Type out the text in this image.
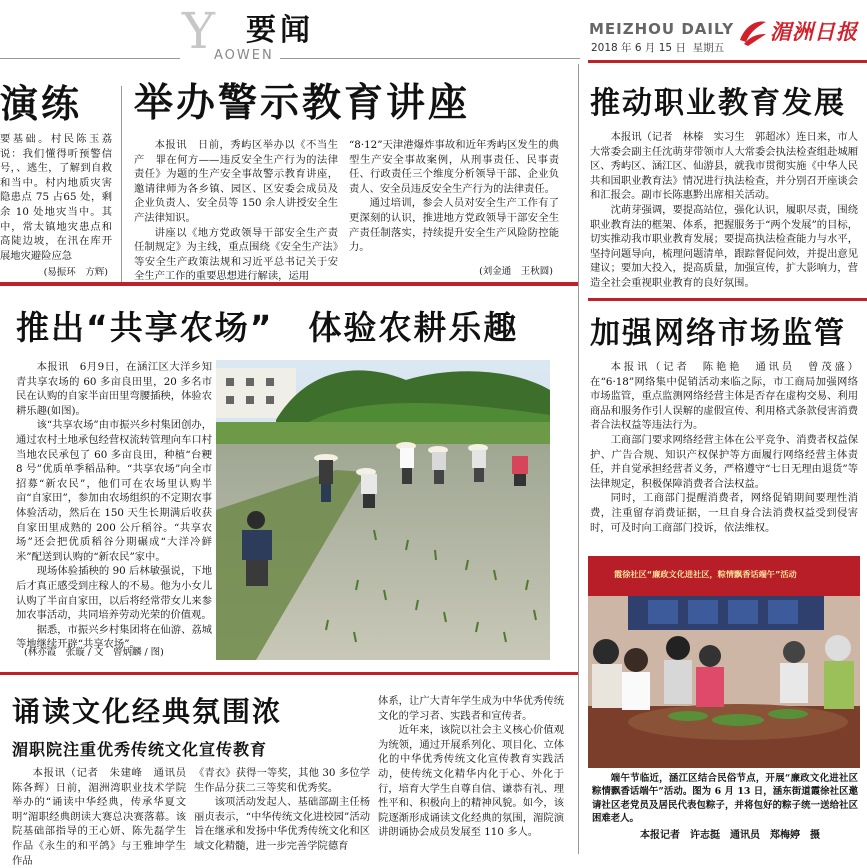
Y 要闻
AOWEN
MEIZHOU DAILY
2018 年 6 月 15 日 星期五
湄洲日报
演练
要基础。村民陈玉荔说：我们懂得听预警信号，、逃生，了解到自救和当中。村内地质灾害隐患点 75 占65 处，剩余 10 处地灾当中。其中，常太镇地灾患点和高陡边坡，在汛在库开展地灾避险应急
(易振环　方辉)
举办警示教育讲座

本报讯　日前，秀屿区举办以《不当生产　罪在何方——违反安全生产行为的法律责任》为题的生产安全事故警示教育讲座，邀请律师为各乡镇、园区、区安委会成员及企业负责人、安全员等 150 余人讲授安全生产法律知识。

讲座以《地方党政领导干部安全生产责任制规定》为主线，重点围绕《安全生产法》等安全生产政策法规和习近平总书记关于安全生产工作的重要思想进行解读，运用

“8·12”天津港爆炸事故和近年秀屿区发生的典型生产安全事故案例，从刑事责任、民事责任、行政责任三个维度分析领导干部、企业负责人、安全员违反安全生产行为的法律责任。

通过培训，参会人员对安全生产工作有了更深刻的认识，推进地方党政领导干部安全生产责任制落实，持续提升安全生产风险防控能力。

(刘金通　王秋圆)
推出“共享农场”　体验农耕乐趣

本报讯　6月9日，在涵江区大洋乡知青共享农场的 60 多亩良田里，20 多名市民在认购的自家半亩田里弯腰插秧，体验农耕乐趣(如图)。

该“共享农场”由市振兴乡村集团创办，通过农村土地承包经营权流转管理向车口村当地农民承包了 60 多亩良田，种植“台粳 8 号”优质单季稻品种。“共享农场”向全市招募“新农民”，他们可在农场里认购半亩“自家田”，参加由农场组织的不定期农事体验活动，然后在 150 天生长期满后收获自家田里成熟的 200 公斤稻谷。“共享农场”还会把优质稻谷分期碾成“大洋冷鲜米”配送到认购的“新农民”家中。

现场体验插秧的 90 后林敏强说，下地后才真正感受到庄稼人的不易。他为小女儿认购了半亩自家田，以后将经常带女儿来参加农事活动，共同培养劳动光荣的价值观。

据悉，市振兴乡村集团将在仙游、荔城等地继续开辟“共享农场”。

(林亦霞　张璇 / 文　曾炳麟 / 图)
诵读文化经典氛围浓
湄职院注重优秀传统文化宣传教育
本报讯（记者　朱建峰　通讯员　陈各辉）日前，湄洲湾职业技术学院举办的“诵读中华经典，传承华夏文明”湄职经典朗读大赛总决赛落幕。该院基础部指导的王心妍、陈先磊学生作品《永生的和平鸽》与王雅坤学生作品

《青衣》获得一等奖，其他 30 多位学生作品分获二三等奖和优秀奖。

该项活动发起人、基础部副主任杨丽贞表示，“中华传统文化进校园”活动旨在继承和发扬中华优秀传统文化和区域文化精髓，进一步完善学院德育

体系，让广大青年学生成为中华优秀传统文化的学习者、实践者和宣传者。

近年来，该院以社会主义核心价值观为统领，通过开展系列化、项目化、立体化的中华优秀传统文化宣传教育实践活动，使传统文化精华内化于心、外化于行，培育大学生自尊自信、谦恭有礼、理性平和、积极向上的精神风貌。如今，该院逐渐形成诵读文化经典的氛围，湄院演讲朗诵协会成员发展至 110 多人。

推动职业教育发展

本报讯（记者　林榛　实习生　郭超冰）连日来，市人大常委会副主任沈萌芽带领市人大常委会执法检查组赴城厢区、秀屿区、涵江区、仙游县，就我市贯彻实施《中华人民共和国职业教育法》情况进行执法检查，并分别召开座谈会和汇报会。副市长陈惠黔出席相关活动。

沈萌芽强调，要提高站位，强化认识，履职尽责，围绕职业教育法的框架、体系，把握服务于“两个发展”的目标，切实推动我市职业教育发展；要提高执法检查能力与水平，坚持问题导向，梳理问题清单，跟踪督促问效，并提出意见建议；要加大投入，提高质量，加强宣传，扩大影响力，营造全社会重视职业教育的良好氛围。

加强网络市场监管

本报讯（记者　陈艳艳　通讯员　曾茂盛）在“6·18”网络集中促销活动来临之际，市工商局加强网络市场监管，重点监测网络经营主体是否存在虚构交易、利用商品和服务作引人误解的虚假宣传、利用格式条款侵害消费者合法权益等违法行为。

工商部门要求网络经营主体在公平竞争、消费者权益保护、广告合规、知识产权保护等方面履行网络经营主体责任，并自觉承担经营者义务，严格遵守“七日无理由退货”等法律规定，积极保障消费者合法权益。

同时，工商部门提醒消费者，网络促销期间要理性消费，注重留存消费证据，一旦自身合法消费权益受到侵害时，可及时向工商部门投诉，依法维权。

霞徐社区“廉政文化进社区，粽情飘香话端午”活动
端午节临近，涵江区结合民俗节点，开展“廉政文化进社区　粽情飘香话端午”活动。图为 6 月 13 日，涵东街道霞徐社区邀请社区老党员及居民代表包粽子，并将包好的粽子统一送给社区困难老人。
本报记者　许志挺　通讯员　郑梅婷　摄
